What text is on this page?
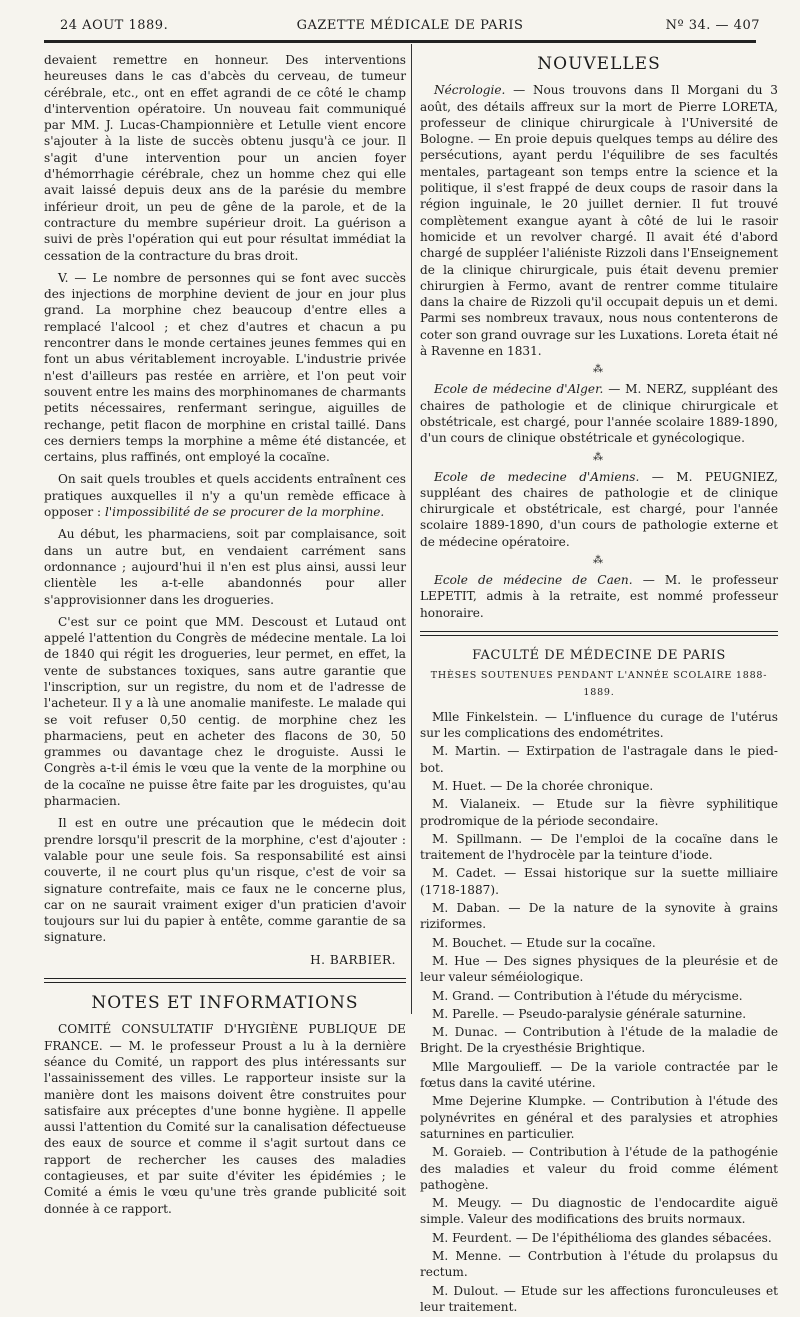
24 AOUT 1889.	GAZETTE MÉDICALE DE PARIS	Nº 34. — 407

devaient remettre en honneur. Des interventions heureuses dans le cas d'abcès du cerveau, de tumeur cérébrale, etc., ont en effet agrandi de ce côté le champ d'intervention opératoire. Un nouveau fait communiqué par MM. J. Lucas-Championnière et Letulle vient encore s'ajouter à la liste de succès obtenu jusqu'à ce jour. Il s'agit d'une intervention pour un ancien foyer d'hémorrhagie cérébrale, chez un homme chez qui elle avait laissé depuis deux ans de la parésie du membre inférieur droit, un peu de gêne de la parole, et de la contracture du membre supérieur droit. La guérison a suivi de près l'opération qui eut pour résultat immédiat la cessation de la contracture du bras droit.

V. — Le nombre de personnes qui se font avec succès des injections de morphine devient de jour en jour plus grand. La morphine chez beaucoup d'entre elles a remplacé l'alcool ; et chez d'autres et chacun a pu rencontrer dans le monde certaines jeunes femmes qui en font un abus véritablement incroyable. L'industrie privée n'est d'ailleurs pas restée en arrière, et l'on peut voir souvent entre les mains des morphinomanes de charmants petits nécessaires, renfermant seringue, aiguilles de rechange, petit flacon de morphine en cristal taillé. Dans ces derniers temps la morphine a même été distancée, et certains, plus raffinés, ont employé la cocaïne.

On sait quels troubles et quels accidents entraînent ces pratiques auxquelles il n'y a qu'un remède efficace à opposer : l'impossibilité de se procurer de la morphine.

Au début, les pharmaciens, soit par complaisance, soit dans un autre but, en vendaient carrément sans ordonnance ; aujourd'hui il n'en est plus ainsi, aussi leur clientèle les a-t-elle abandonnés pour aller s'approvisionner dans les drogueries.

C'est sur ce point que MM. Descoust et Lutaud ont appelé l'attention du Congrès de médecine mentale. La loi de 1840 qui régit les drogueries, leur permet, en effet, la vente de substances toxiques, sans autre garantie que l'inscription, sur un registre, du nom et de l'adresse de l'acheteur. Il y a là une anomalie manifeste. Le malade qui se voit refuser 0,50 centig. de morphine chez les pharmaciens, peut en acheter des flacons de 30, 50 grammes ou davantage chez le droguiste. Aussi le Congrès a-t-il émis le vœu que la vente de la morphine ou de la cocaïne ne puisse être faite par les droguistes, qu'au pharmacien.

Il est en outre une précaution que le médecin doit prendre lorsqu'il prescrit de la morphine, c'est d'ajouter : valable pour une seule fois. Sa responsabilité est ainsi couverte, il ne court plus qu'un risque, c'est de voir sa signature contrefaite, mais ce faux ne le concerne plus, car on ne saurait vraiment exiger d'un praticien d'avoir toujours sur lui du papier à entête, comme garantie de sa signature.

H. BARBIER.
NOTES ET INFORMATIONS

COMITÉ CONSULTATIF D'HYGIÈNE PUBLIQUE DE FRANCE. — M. le professeur Proust a lu à la dernière séance du Comité, un rapport des plus intéressants sur l'assainissement des villes. Le rapporteur insiste sur la manière dont les maisons doivent être construites pour satisfaire aux préceptes d'une bonne hygiène. Il appelle aussi l'attention du Comité sur la canalisation défectueuse des eaux de source et comme il s'agit surtout dans ce rapport de rechercher les causes des maladies contagieuses, et par suite d'éviter les épidémies ; le Comité a émis le vœu qu'une très grande publicité soit donnée à ce rapport.

NOUVELLES

Nécrologie. — Nous trouvons dans Il Morgani du 3 août, des détails affreux sur la mort de Pierre LORETA, professeur de clinique chirurgicale à l'Université de Bologne. — En proie depuis quelques temps au délire des persécutions, ayant perdu l'équilibre de ses facultés mentales, partageant son temps entre la science et la politique, il s'est frappé de deux coups de rasoir dans la région inguinale, le 20 juillet dernier. Il fut trouvé complètement exangue ayant à côté de lui le rasoir homicide et un revolver chargé. Il avait été d'abord chargé de suppléer l'aliéniste Rizzoli dans l'Enseignement de la clinique chirurgicale, puis était devenu premier chirurgien à Fermo, avant de rentrer comme titulaire dans la chaire de Rizzoli qu'il occupait depuis un et demi. Parmi ses nombreux travaux, nous nous contenterons de coter son grand ouvrage sur les Luxations. Loreta était né à Ravenne en 1831.

⁂

Ecole de médecine d'Alger. — M. NERZ, suppléant des chaires de pathologie et de clinique chirurgicale et obstétricale, est chargé, pour l'année scolaire 1889-1890, d'un cours de clinique obstétricale et gynécologique.

⁂

Ecole de medecine d'Amiens. — M. PEUGNIEZ, suppléant des chaires de pathologie et de clinique chirurgicale et obstétricale, est chargé, pour l'année scolaire 1889-1890, d'un cours de pathologie externe et de médecine opératoire.

⁂

Ecole de médecine de Caen. — M. le professeur LEPETIT, admis à la retraite, est nommé professeur honoraire.

FACULTÉ DE MÉDECINE DE PARIS
THÈSES SOUTENUES PENDANT L'ANNÉE SCOLAIRE 1888-1889.

Mlle Finkelstein. — L'influence du curage de l'utérus sur les complications des endométrites.

M. Martin. — Extirpation de l'astragale dans le pied-bot.

M. Huet. — De la chorée chronique.

M. Vialaneix. — Etude sur la fièvre syphilitique prodromique de la période secondaire.

M. Spillmann. — De l'emploi de la cocaïne dans le traitement de l'hydrocèle par la teinture d'iode.

M. Cadet. — Essai historique sur la suette milliaire (1718-1887).

M. Daban. — De la nature de la synovite à grains riziformes.

M. Bouchet. — Etude sur la cocaïne.

M. Hue — Des signes physiques de la pleurésie et de leur valeur séméiologique.

M. Grand. — Contribution à l'étude du mérycisme.

M. Parelle. — Pseudo-paralysie générale saturnine.

M. Dunac. — Contribution à l'étude de la maladie de Bright. De la cryesthésie Brightique.

Mlle Margoulieff. — De la variole contractée par le fœtus dans la cavité utérine.

Mme Dejerine Klumpke. — Contribution à l'étude des polynévrites en général et des paralysies et atrophies saturnines en particulier.

M. Goraieb. — Contribution à l'étude de la pathogénie des maladies et valeur du froid comme élément pathogène.

M. Meugy. — Du diagnostic de l'endocardite aiguë simple. Valeur des modifications des bruits normaux.

M. Feurdent. — De l'épithélioma des glandes sébacées.

M. Menne. — Contrbution à l'étude du prolapsus du rectum.

M. Dulout. — Etude sur les affections furonculeuses et leur traitement.
